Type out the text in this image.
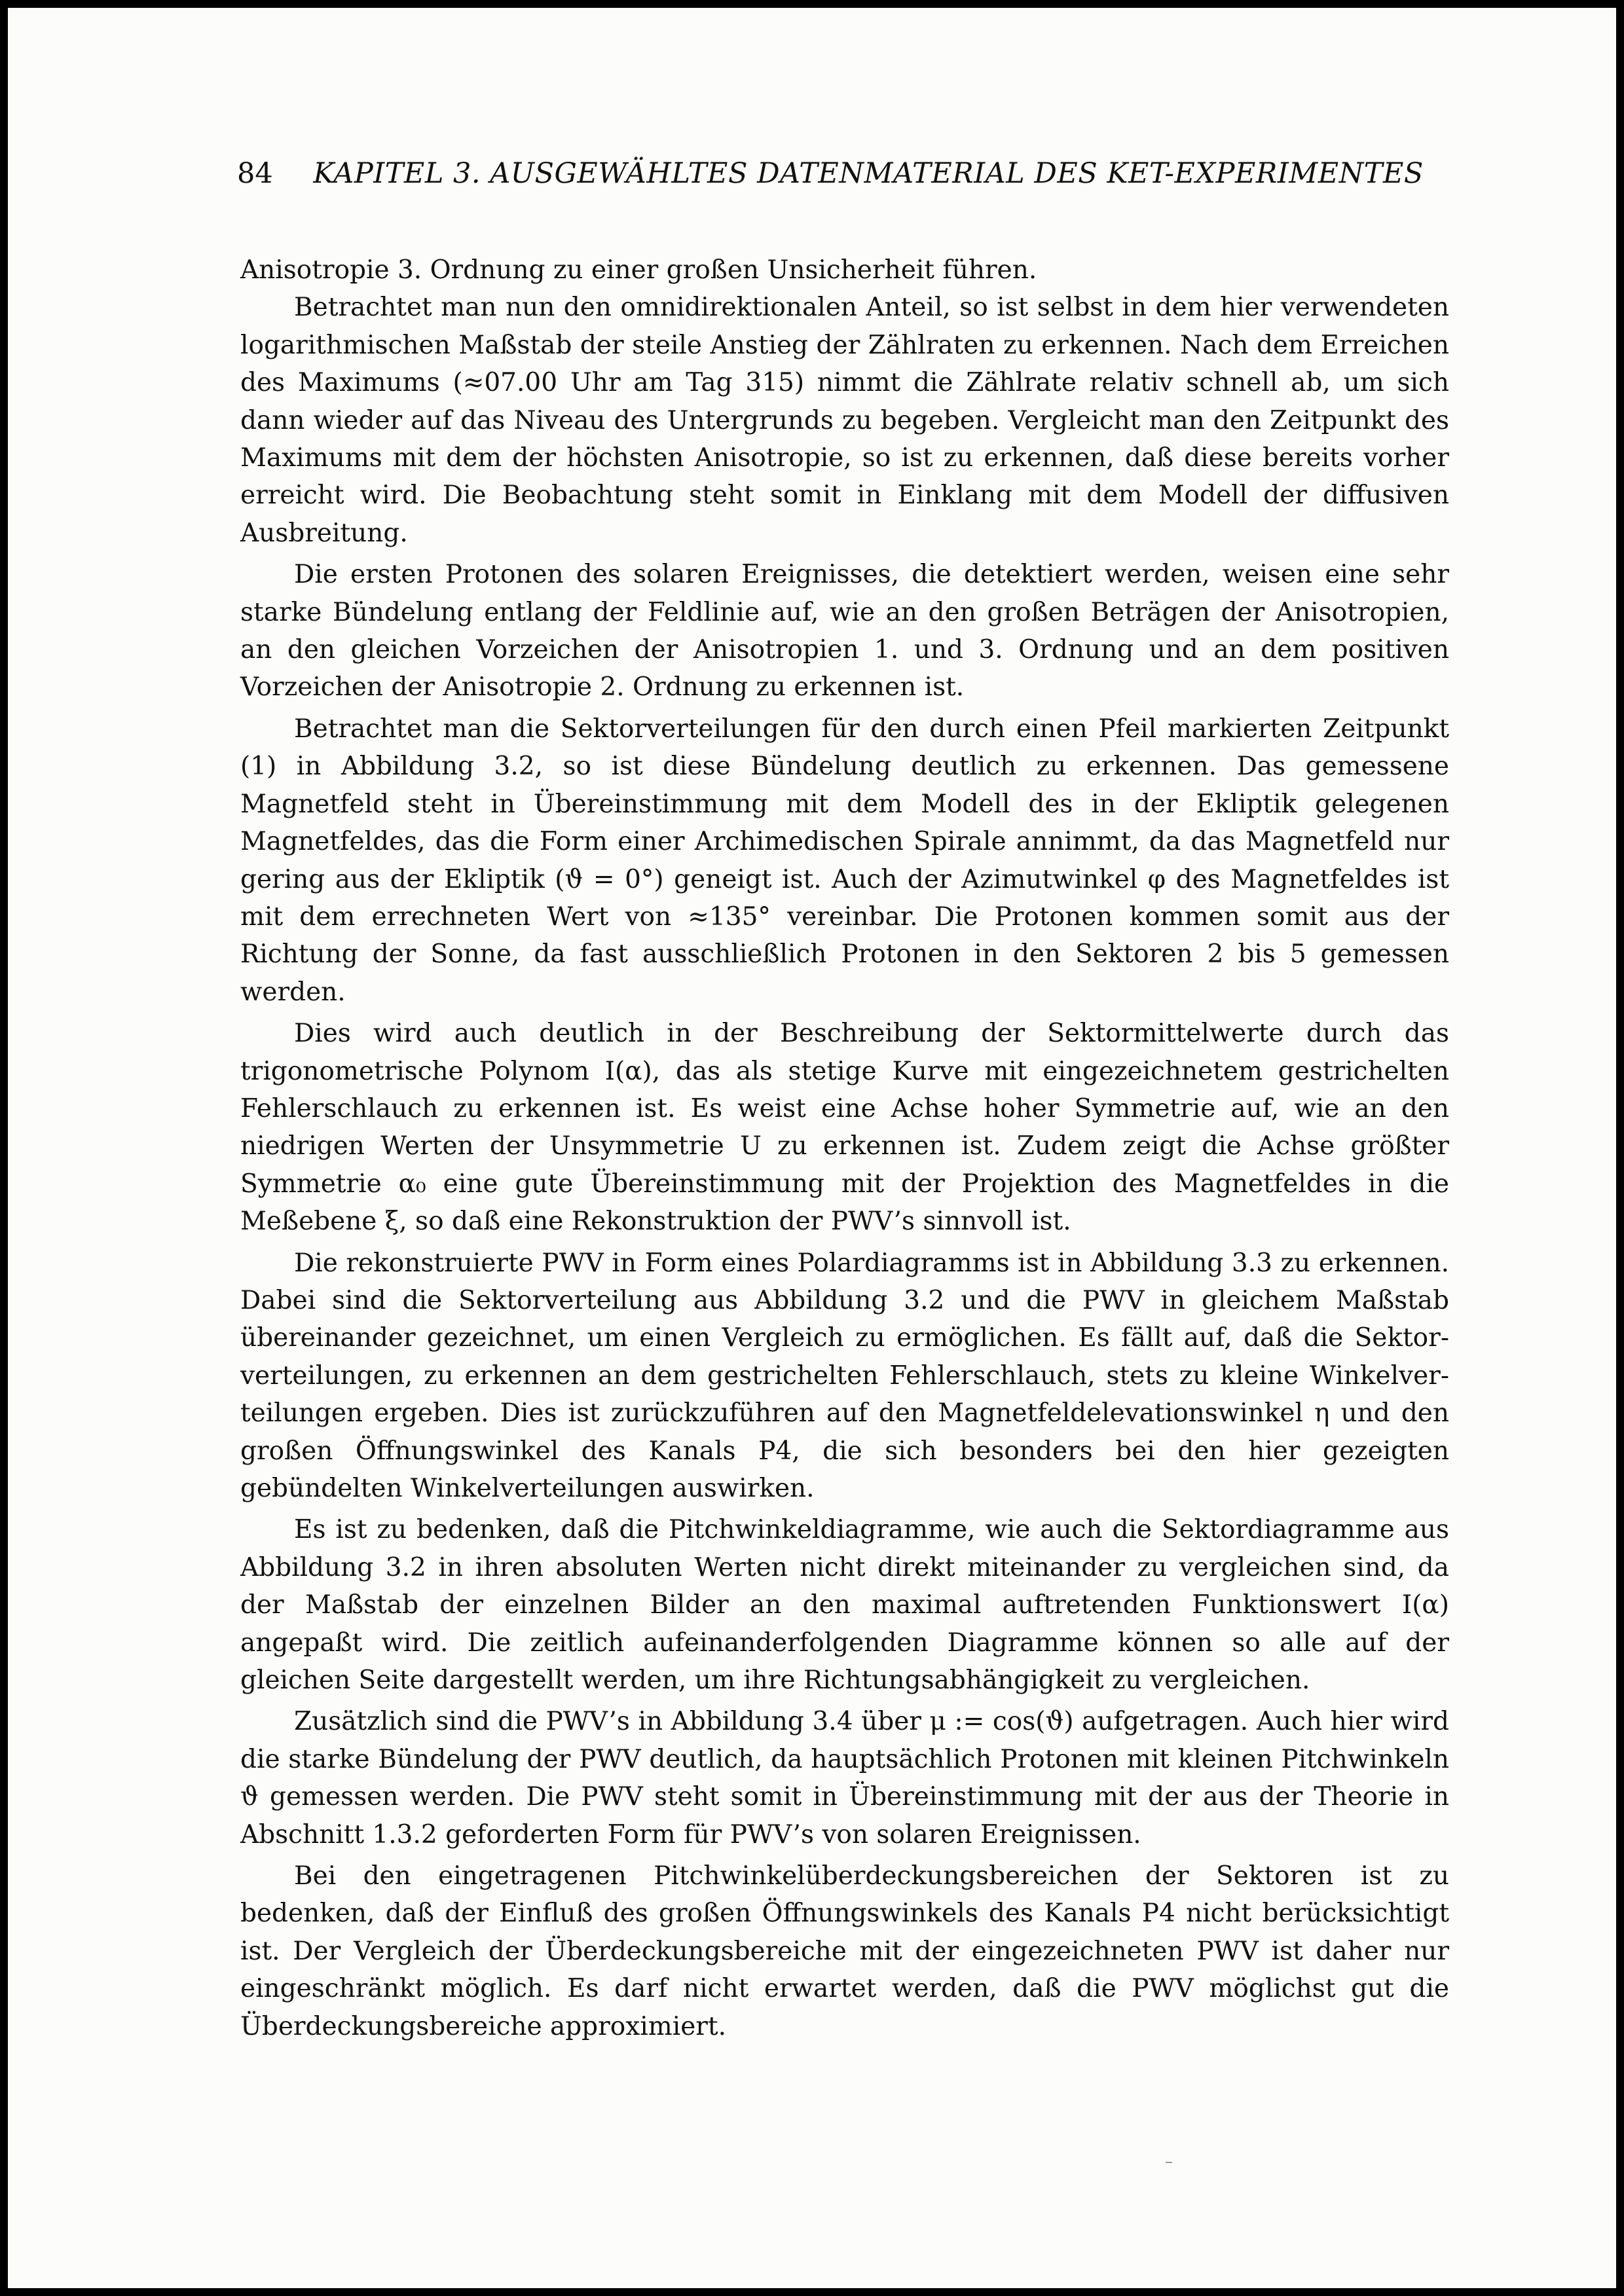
84 KAPITEL 3. AUSGEWÄHLTES DATENMATERIAL DES KET-EXPERIMENTES

Anisotropie 3. Ordnung zu einer großen Unsicherheit führen.

Betrachtet man nun den omnidirektionalen Anteil, so ist selbst in dem hier verwendeten logarithmischen Maßstab der steile Anstieg der Zählraten zu erkennen. Nach dem Erreichen des Maximums (≈07.00 Uhr am Tag 315) nimmt die Zählrate relativ schnell ab, um sich dann wieder auf das Niveau des Untergrunds zu begeben. Vergleicht man den Zeitpunkt des Maximums mit dem der höchsten Anisotropie, so ist zu erkennen, daß diese bereits vorher erreicht wird. Die Beobachtung steht somit in Einklang mit dem Modell der diffusiven Ausbreitung.

Die ersten Protonen des solaren Ereignisses, die detektiert werden, weisen eine sehr starke Bündelung entlang der Feldlinie auf, wie an den großen Beträgen der Anisotropien, an den gleichen Vorzeichen der Anisotropien 1. und 3. Ordnung und an dem positiven Vorzeichen der Anisotropie 2. Ordnung zu erkennen ist.

Betrachtet man die Sektorverteilungen für den durch einen Pfeil markierten Zeitpunkt (1) in Abbildung 3.2, so ist diese Bündelung deutlich zu erkennen. Das gemessene Magnetfeld steht in Übereinstimmung mit dem Modell des in der Ekliptik gelegenen Magnetfeldes, das die Form einer Archimedischen Spirale annimmt, da das Magnetfeld nur gering aus der Ekliptik (ϑ = 0°) geneigt ist. Auch der Azimutwinkel φ des Magnetfeldes ist mit dem errechneten Wert von ≈135° vereinbar. Die Protonen kommen somit aus der Richtung der Sonne, da fast ausschließlich Protonen in den Sektoren 2 bis 5 gemessen werden.

Dies wird auch deutlich in der Beschreibung der Sektormittelwerte durch das trigonometrische Polynom I(α), das als stetige Kurve mit eingezeichnetem gestrichelten Fehlerschlauch zu erkennen ist. Es weist eine Achse hoher Symmetrie auf, wie an den niedrigen Werten der Unsymmetrie U zu erkennen ist. Zudem zeigt die Achse größter Symmetrie α₀ eine gute Übereinstimmung mit der Projektion des Magnetfeldes in die Meßebene ξ, so daß eine Rekonstruktion der PWV’s sinnvoll ist.

Die rekonstruierte PWV in Form eines Polardiagramms ist in Abbildung 3.3 zu erkennen. Dabei sind die Sektorverteilung aus Abbildung 3.2 und die PWV in gleichem Maßstab übereinander gezeichnet, um einen Vergleich zu ermöglichen. Es fällt auf, daß die Sektorverteilungen, zu erkennen an dem gestrichelten Fehlerschlauch, stets zu kleine Winkelverteilungen ergeben. Dies ist zurückzuführen auf den Magnetfeldelevationswinkel η und den großen Öffnungswinkel des Kanals P4, die sich besonders bei den hier gezeigten gebündelten Winkelverteilungen auswirken.

Es ist zu bedenken, daß die Pitchwinkeldiagramme, wie auch die Sektordiagramme aus Abbildung 3.2 in ihren absoluten Werten nicht direkt miteinander zu vergleichen sind, da der Maßstab der einzelnen Bilder an den maximal auftretenden Funktionswert I(α) angepaßt wird. Die zeitlich aufeinanderfolgenden Diagramme können so alle auf der gleichen Seite dargestellt werden, um ihre Richtungsabhängigkeit zu vergleichen.

Zusätzlich sind die PWV’s in Abbildung 3.4 über μ := cos(ϑ) aufgetragen. Auch hier wird die starke Bündelung der PWV deutlich, da hauptsächlich Protonen mit kleinen Pitchwinkeln ϑ gemessen werden. Die PWV steht somit in Übereinstimmung mit der aus der Theorie in Abschnitt 1.3.2 geforderten Form für PWV’s von solaren Ereignissen.

Bei den eingetragenen Pitchwinkelüberdeckungsbereichen der Sektoren ist zu bedenken, daß der Einfluß des großen Öffnungswinkels des Kanals P4 nicht berücksichtigt ist. Der Vergleich der Überdeckungsbereiche mit der eingezeichneten PWV ist daher nur eingeschränkt möglich. Es darf nicht erwartet werden, daß die PWV möglichst gut die Überdeckungsbereiche approximiert.
